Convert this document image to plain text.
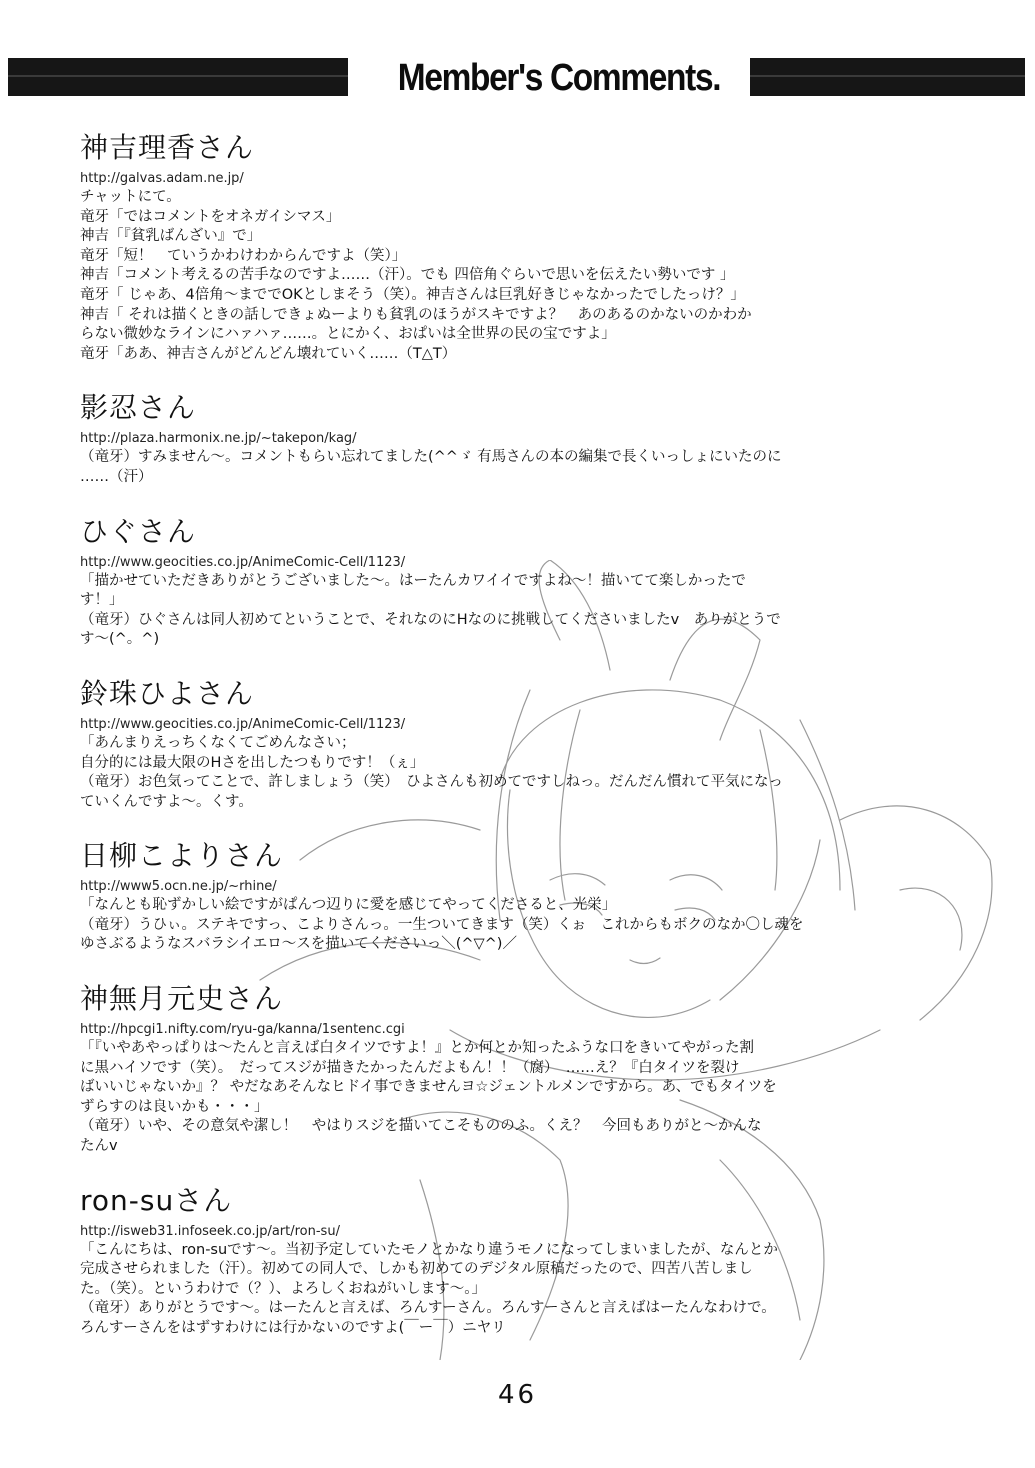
Member's Comments.
神吉理香さん
http://galvas.adam.ne.jp/
チャットにて。
竜牙「ではコメントをオネガイシマス」
神吉「『貧乳ばんざい』で」
竜牙「短！　ていうかわけわからんですよ（笑）」
神吉「コメント考えるの苦手なのですよ……（汗）。でも 四倍角ぐらいで思いを伝えたい勢いです 」
竜牙「 じゃあ、4倍角～まででOKとしまそう（笑）。神吉さんは巨乳好きじゃなかったでしたっけ？」
神吉「 それは描くときの話しできょぬーよりも貧乳のほうがスキですよ？　あのあるのかないのかわか
らない微妙なラインにハァハァ……。とにかく、おぱいは全世界の民の宝ですよ」
竜牙「ああ、神吉さんがどんどん壊れていく……（T△T）
影忍さん
http://plaza.harmonix.ne.jp/~takepon/kag/
（竜牙）すみません～。コメントもらい忘れてました(^^ゞ 有馬さんの本の編集で長くいっしょにいたのに
……（汗）
ひぐさん
http://www.geocities.co.jp/AnimeComic-Cell/1123/
「描かせていただきありがとうございました～。はーたんカワイイですよね～！描いてて楽しかったで
す！」
（竜牙）ひぐさんは同人初めてということで、それなのにHなのに挑戦してくださいましたv　ありがとうで
す～(^。^)
鈴珠ひよさん
http://www.geocities.co.jp/AnimeComic-Cell/1123/
「あんまりえっちくなくてごめんなさい；
自分的には最大限のHさを出したつもりです！（ぇ」
（竜牙）お色気ってことで、許しましょう（笑）　ひよさんも初めてですしねっ。だんだん慣れて平気になっ
ていくんですよ～。くす。
日柳こよりさん
http://www5.ocn.ne.jp/~rhine/
「なんとも恥ずかしい絵ですがぱんつ辺りに愛を感じてやってくださると、光栄」
（竜牙）うひぃ。ステキですっ、こよりさんっ。一生ついてきます（笑）くぉ　これからもボクのなか〇し魂を
ゆさぶるようなスバラシイエロ～スを描いてくださいっ＼(^▽^)／
神無月元史さん
http://hpcgi1.nifty.com/ryu-ga/kanna/1sentenc.cgi
「『いやあやっぱりは～たんと言えば白タイツですよ！』とか何とか知ったふうな口をきいてやがった割
に黒ハイソです（笑）。　だってスジが描きたかったんだよもん！！（腐）　……え？『白タイツを裂け
ばいいじゃないか』？ やだなあそんなヒドイ事できませんヨ☆ジェントルメンですから。あ、でもタイツを
ずらすのは良いかも・・・」
（竜牙）いや、その意気や潔し！　やはりスジを描いてこそもののふ。くえ？　今回もありがと～かんな
たんv
ron-suさん
http://isweb31.infoseek.co.jp/art/ron-su/
「こんにちは、ron-suです～。当初予定していたモノとかなり違うモノになってしまいましたが、なんとか
完成させられました（汗）。初めての同人で、しかも初めてのデジタル原稿だったので、四苦八苦しまし
た。（笑）。というわけで（？）、よろしくおねがいします～。」
（竜牙）ありがとうです～。はーたんと言えば、ろんすーさん。ろんすーさんと言えばはーたんなわけで。
ろんすーさんをはずすわけには行かないのですよ(￣ー￣）ニヤリ
46
